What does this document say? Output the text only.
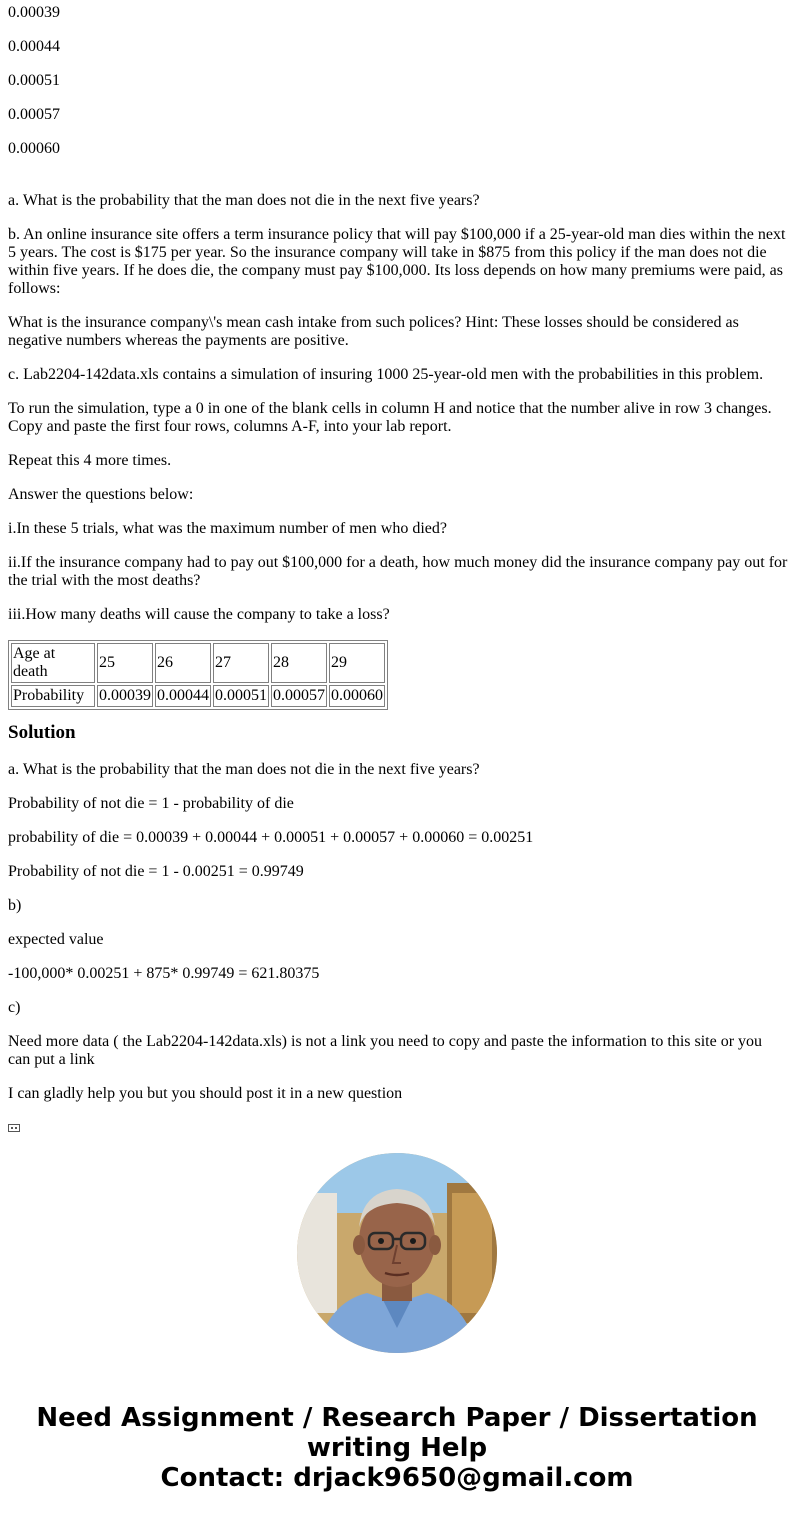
0.00039

0.00044

0.00051

0.00057

0.00060

a. What is the probability that the man does not die in the next five years?

b. An online insurance site offers a term insurance policy that will pay $100,000 if a 25-year-old man dies within the next 5 years. The cost is $175 per year. So the insurance company will take in $875 from this policy if the man does not die within five years. If he does die, the company must pay $100,000. Its loss depends on how many premiums were paid, as follows:

What is the insurance company\'s mean cash intake from such polices? Hint: These losses should be considered as negative numbers whereas the payments are positive.

c. Lab2204-142data.xls contains a simulation of insuring 1000 25-year-old men with the probabilities in this problem.

To run the simulation, type a 0 in one of the blank cells in column H and notice that the number alive in row 3 changes. Copy and paste the first four rows, columns A-F, into your lab report.

Repeat this 4 more times.

Answer the questions below:

i.In these 5 trials, what was the maximum number of men who died?

ii.If the insurance company had to pay out $100,000 for a death, how much money did the insurance company pay out for the trial with the most deaths?

iii.How many deaths will cause the company to take a loss?

Age at death	25	26	27	28	29
Probability	0.00039	0.00044	0.00051	0.00057	0.00060
Solution

a. What is the probability that the man does not die in the next five years?

Probability of not die = 1 - probability of die

probability of die = 0.00039 + 0.00044 + 0.00051 + 0.00057 + 0.00060 = 0.00251

Probability of not die = 1 - 0.00251 = 0.99749

b)

expected value

-100,000* 0.00251 + 875* 0.99749 = 621.80375

c)

Need more data ( the Lab2204-142data.xls) is not a link you need to copy and paste the information to this site or you can put a link

I can gladly help you but you should post it in a new question

Need Assignment / Research Paper / Dissertation
writing Help
Contact: drjack9650@gmail.com
